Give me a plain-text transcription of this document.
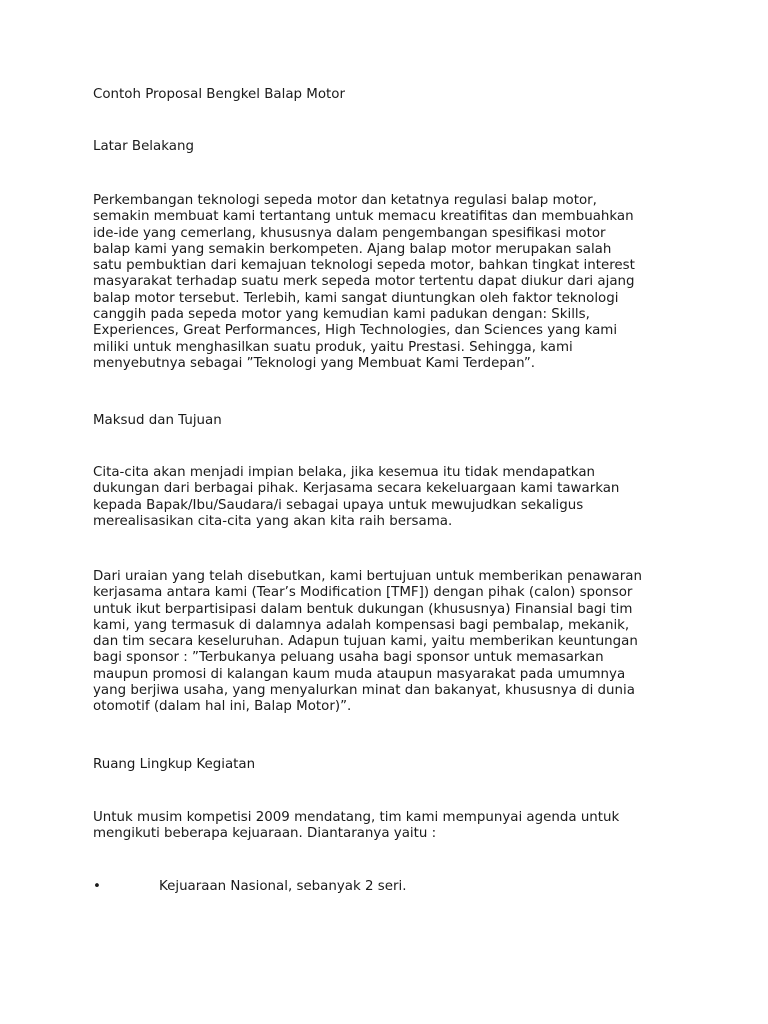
Contoh Proposal Bengkel Balap Motor

Latar Belakang

Perkembangan teknologi sepeda motor dan ketatnya regulasi balap motor,
semakin membuat kami tertantang untuk memacu kreatifitas dan membuahkan
ide-ide yang cemerlang, khususnya dalam pengembangan spesifikasi motor
balap kami yang semakin berkompeten. Ajang balap motor merupakan salah
satu pembuktian dari kemajuan teknologi sepeda motor, bahkan tingkat interest
masyarakat terhadap suatu merk sepeda motor tertentu dapat diukur dari ajang
balap motor tersebut. Terlebih, kami sangat diuntungkan oleh faktor teknologi
canggih pada sepeda motor yang kemudian kami padukan dengan: Skills,
Experiences, Great Performances, High Technologies, dan Sciences yang kami
miliki untuk menghasilkan suatu produk, yaitu Prestasi. Sehingga, kami
menyebutnya sebagai ”Teknologi yang Membuat Kami Terdepan”.

Maksud dan Tujuan

Cita-cita akan menjadi impian belaka, jika kesemua itu tidak mendapatkan
dukungan dari berbagai pihak. Kerjasama secara kekeluargaan kami tawarkan
kepada Bapak/Ibu/Saudara/i sebagai upaya untuk mewujudkan sekaligus
merealisasikan cita-cita yang akan kita raih bersama.
Dari uraian yang telah disebutkan, kami bertujuan untuk memberikan penawaran
kerjasama antara kami (Tear’s Modification [TMF]) dengan pihak (calon) sponsor
untuk ikut berpartisipasi dalam bentuk dukungan (khususnya) Finansial bagi tim
kami, yang termasuk di dalamnya adalah kompensasi bagi pembalap, mekanik,
dan tim secara keseluruhan. Adapun tujuan kami, yaitu memberikan keuntungan
bagi sponsor : ”Terbukanya peluang usaha bagi sponsor untuk memasarkan
maupun promosi di kalangan kaum muda ataupun masyarakat pada umumnya
yang berjiwa usaha, yang menyalurkan minat dan bakanyat, khususnya di dunia
otomotif (dalam hal ini, Balap Motor)”.

Ruang Lingkup Kegiatan

Untuk musim kompetisi 2009 mendatang, tim kami mempunyai agenda untuk
mengikuti beberapa kejuaraan. Diantaranya yaitu :
•	Kejuaraan Nasional, sebanyak 2 seri.
